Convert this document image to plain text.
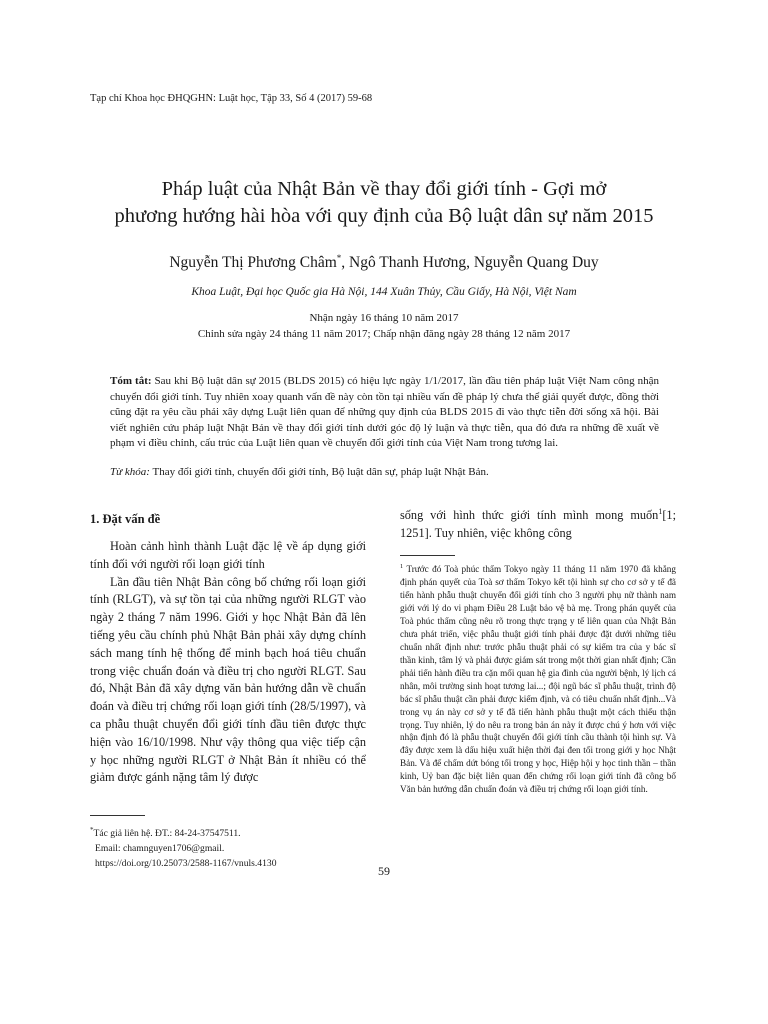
Tạp chí Khoa học ĐHQGHN: Luật học, Tập 33, Số 4 (2017) 59-68
Pháp luật của Nhật Bản về thay đổi giới tính - Gợi mở
phương hướng hài hòa với quy định của Bộ luật dân sự năm 2015
Nguyễn Thị Phương Châm*, Ngô Thanh Hương, Nguyễn Quang Duy
Khoa Luật, Đại học Quốc gia Hà Nội, 144 Xuân Thủy, Cầu Giấy, Hà Nội, Việt Nam
Nhận ngày 16 tháng 10 năm 2017
Chỉnh sửa ngày 24 tháng 11 năm 2017; Chấp nhận đăng ngày 28 tháng 12 năm 2017
Tóm tắt: Sau khi Bộ luật dân sự 2015 (BLDS 2015) có hiệu lực ngày 1/1/2017, lần đầu tiên pháp luật Việt Nam công nhận chuyển đổi giới tính. Tuy nhiên xoay quanh vấn đề này còn tồn tại nhiều vấn đề pháp lý chưa thể giải quyết được, đồng thời cũng đặt ra yêu cầu phải xây dựng Luật liên quan để những quy định của BLDS 2015 đi vào thực tiễn đời sống xã hội. Bài viết nghiên cứu pháp luật Nhật Bản về thay đổi giới tính dưới góc độ lý luận và thực tiễn, qua đó đưa ra những đề xuất về phạm vi điều chỉnh, cấu trúc của Luật liên quan về chuyển đổi giới tính của Việt Nam trong tương lai.
Từ khóa: Thay đổi giới tính, chuyển đổi giới tính, Bộ luật dân sự, pháp luật Nhật Bản.
1. Đặt vấn đề

Hoàn cảnh hình thành Luật đặc lệ về áp dụng giới tính đối với người rối loạn giới tính

Lần đầu tiên Nhật Bản công bố chứng rối loạn giới tính (RLGT), và sự tồn tại của những người RLGT vào ngày 2 tháng 7 năm 1996. Giới y học Nhật Bản đã lên tiếng yêu cầu chính phủ Nhật Bản phải xây dựng chính sách mang tính hệ thống để minh bạch hoá tiêu chuẩn trong việc chuẩn đoán và điều trị cho người RLGT. Sau đó, Nhật Bản đã xây dựng văn bản hướng dẫn về chuẩn đoán và điều trị chứng rối loạn giới tính (28/5/1997), và ca phẫu thuật chuyển đổi giới tính đầu tiên được thực hiện vào 16/10/1998. Như vậy thông qua việc tiếp cận y học những người RLGT ở Nhật Bản ít nhiều có thể giảm được gánh nặng tâm lý được

sống với hình thức giới tính mình mong muốn$^1$[1; 1251]. Tuy nhiên, việc không công

*Tác giả liên hệ. ĐT.: 84-24-37547511.
Email: chamnguyen1706@gmail.
https://doi.org/10.25073/2588-1167/vnuls.4130
$^1$ Trước đó Toà phúc thẩm Tokyo ngày 11 tháng 11 năm 1970 đã khẳng định phán quyết của Toà sơ thẩm Tokyo kết tội hình sự cho cơ sở y tế đã tiến hành phẫu thuật chuyển đổi giới tính cho 3 người phụ nữ thành nam giới với lý do vi phạm Điều 28 Luật bảo vệ bà mẹ. Trong phán quyết của Toà phúc thẩm cũng nêu rõ trong thực trạng y tế liên quan của Nhật Bản chưa phát triển, việc phẫu thuật giới tính phải được đặt dưới những tiêu chuẩn nhất định như: trước phẫu thuật phải có sự kiểm tra của y bác sĩ thần kinh, tâm lý và phải được giám sát trong một thời gian nhất định; Cần phải tiến hành điều tra cặn mối quan hệ gia đình của người bệnh, lý lịch cá nhân, môi trường sinh hoạt tương lai...; đội ngũ bác sĩ phẫu thuật, trình độ bác sĩ phẫu thuật cần phải được kiểm định, và có tiêu chuẩn nhất định...Và trong vụ án này cơ sở y tế đã tiến hành phẫu thuật một cách thiếu thận trọng. Tuy nhiên, lý do nêu ra trong bản án này ít được chú ý hơn với việc nhận định đó là phẫu thuật chuyển đổi giới tính cầu thành tội hình sự. Và đây được xem là dấu hiệu xuất hiện thời đại đen tối trong giới y học Nhật Bản. Và để chấm dứt bóng tối trong y học, Hiệp hội y học tinh thần – thần kinh, Uỷ ban đặc biệt liên quan đến chứng rối loạn giới tính đã công bố Văn bản hướng dẫn chuẩn đoán và điều trị chứng rối loạn giới tính.
59
